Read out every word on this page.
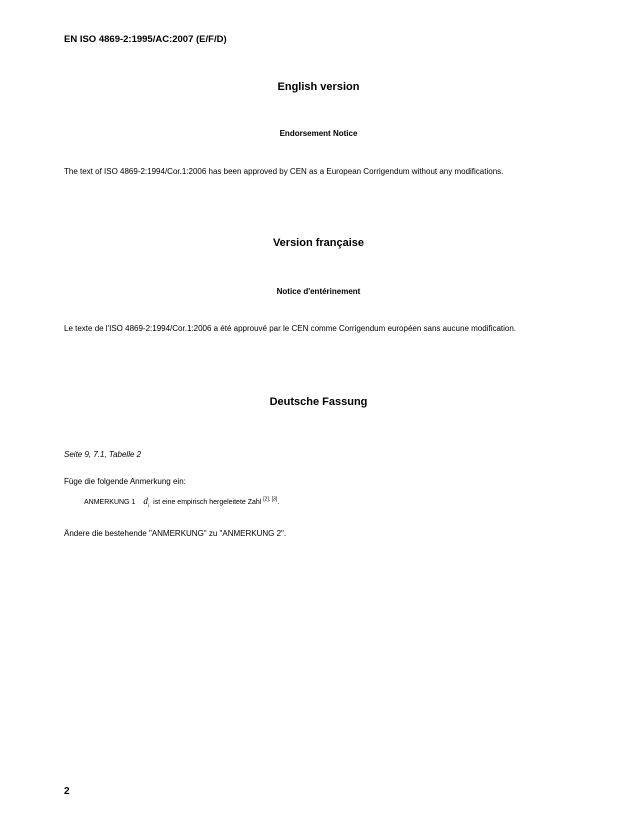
EN ISO 4869-2:1995/AC:2007 (E/F/D)
English version
Endorsement Notice
The text of ISO 4869-2:1994/Cor.1:2006 has been approved by CEN as a European Corrigendum without any modifications.
Version française
Notice d'entérinement
Le texte de l'ISO 4869-2:1994/Cor.1:2006 a été approuvé par le CEN comme Corrigendum européen sans aucune modification.
Deutsche Fassung
Seite 9, 7.1, Tabelle 2
Füge die folgende Anmerkung ein:
ANMERKUNG 1 $d_i$ ist eine empirisch hergeleitete Zahl [2], [3].
Ändere die bestehende "ANMERKUNG" zu "ANMERKUNG 2".
2
